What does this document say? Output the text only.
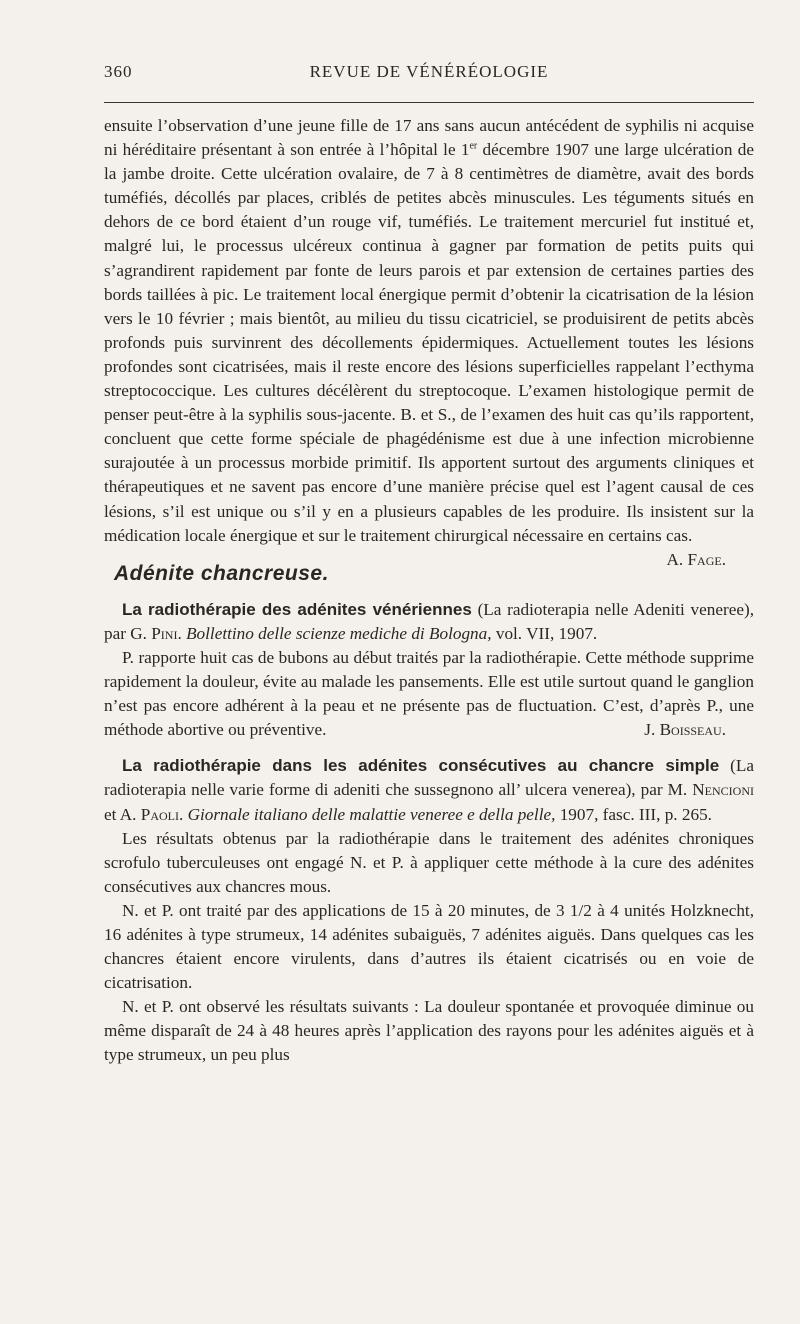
360	REVUE DE VÉNÉRÉOLOGIE

ensuite l’observation d’une jeune fille de 17 ans sans aucun antécédent de syphilis ni acquise ni héréditaire présentant à son entrée à l’hôpital le 1er décembre 1907 une large ulcération de la jambe droite. Cette ulcération ovalaire, de 7 à 8 centimètres de diamètre, avait des bords tuméfiés, décollés par places, criblés de petites abcès minuscules. Les téguments situés en dehors de ce bord étaient d’un rouge vif, tuméfiés. Le traitement mercuriel fut institué et, malgré lui, le processus ulcéreux continua à gagner par formation de petits puits qui s’agrandirent rapidement par fonte de leurs parois et par extension de certaines parties des bords taillées à pic. Le traitement local énergique permit d’obtenir la cicatrisation de la lésion vers le 10 février ; mais bientôt, au milieu du tissu cicatriciel, se produisirent de petits abcès profonds puis survinrent des décollements épidermiques. Actuellement toutes les lésions profondes sont cicatrisées, mais il reste encore des lésions superficielles rappelant l’ecthyma streptococcique. Les cultures décélèrent du streptocoque. L’examen histologique permit de penser peut-être à la syphilis sous-jacente. B. et S., de l’examen des huit cas qu’ils rapportent, concluent que cette forme spéciale de phagédénisme est due à une infection microbienne surajoutée à un processus morbide primitif. Ils apportent surtout des arguments cliniques et thérapeutiques et ne savent pas encore d’une manière précise quel est l’agent causal de ces lésions, s’il est unique ou s’il y en a plusieurs capables de les produire. Ils insistent sur la médication locale énergique et sur le traitement chirurgical nécessaire en certains cas.
A. Fage.

Adénite chancreuse.

La radiothérapie des adénites vénériennes (La radioterapia nelle Adeniti veneree), par G. Pini. Bollettino delle scienze mediche di Bologna, vol. VII, 1907.

P. rapporte huit cas de bubons au début traités par la radiothérapie. Cette méthode supprime rapidement la douleur, évite au malade les pansements. Elle est utile surtout quand le ganglion n’est pas encore adhérent à la peau et ne présente pas de fluctuation. C’est, d’après P., une méthode abortive ou préventive.	J. Boisseau.

La radiothérapie dans les adénites consécutives au chancre simple (La radioterapia nelle varie forme di adeniti che sussegnono all’ ulcera venerea), par M. Nencioni et A. Paoli. Giornale italiano delle malattie veneree e della pelle, 1907, fasc. III, p. 265.

Les résultats obtenus par la radiothérapie dans le traitement des adénites chroniques scrofulo tuberculeuses ont engagé N. et P. à appliquer cette méthode à la cure des adénites consécutives aux chancres mous.

N. et P. ont traité par des applications de 15 à 20 minutes, de 3 1/2 à 4 unités Holzknecht, 16 adénites à type strumeux, 14 adénites subaiguës, 7 adénites aiguës. Dans quelques cas les chancres étaient encore virulents, dans d’autres ils étaient cicatrisés ou en voie de cicatrisation.

N. et P. ont observé les résultats suivants : La douleur spontanée et provoquée diminue ou même disparaît de 24 à 48 heures après l’application des rayons pour les adénites aiguës et à type strumeux, un peu plus
